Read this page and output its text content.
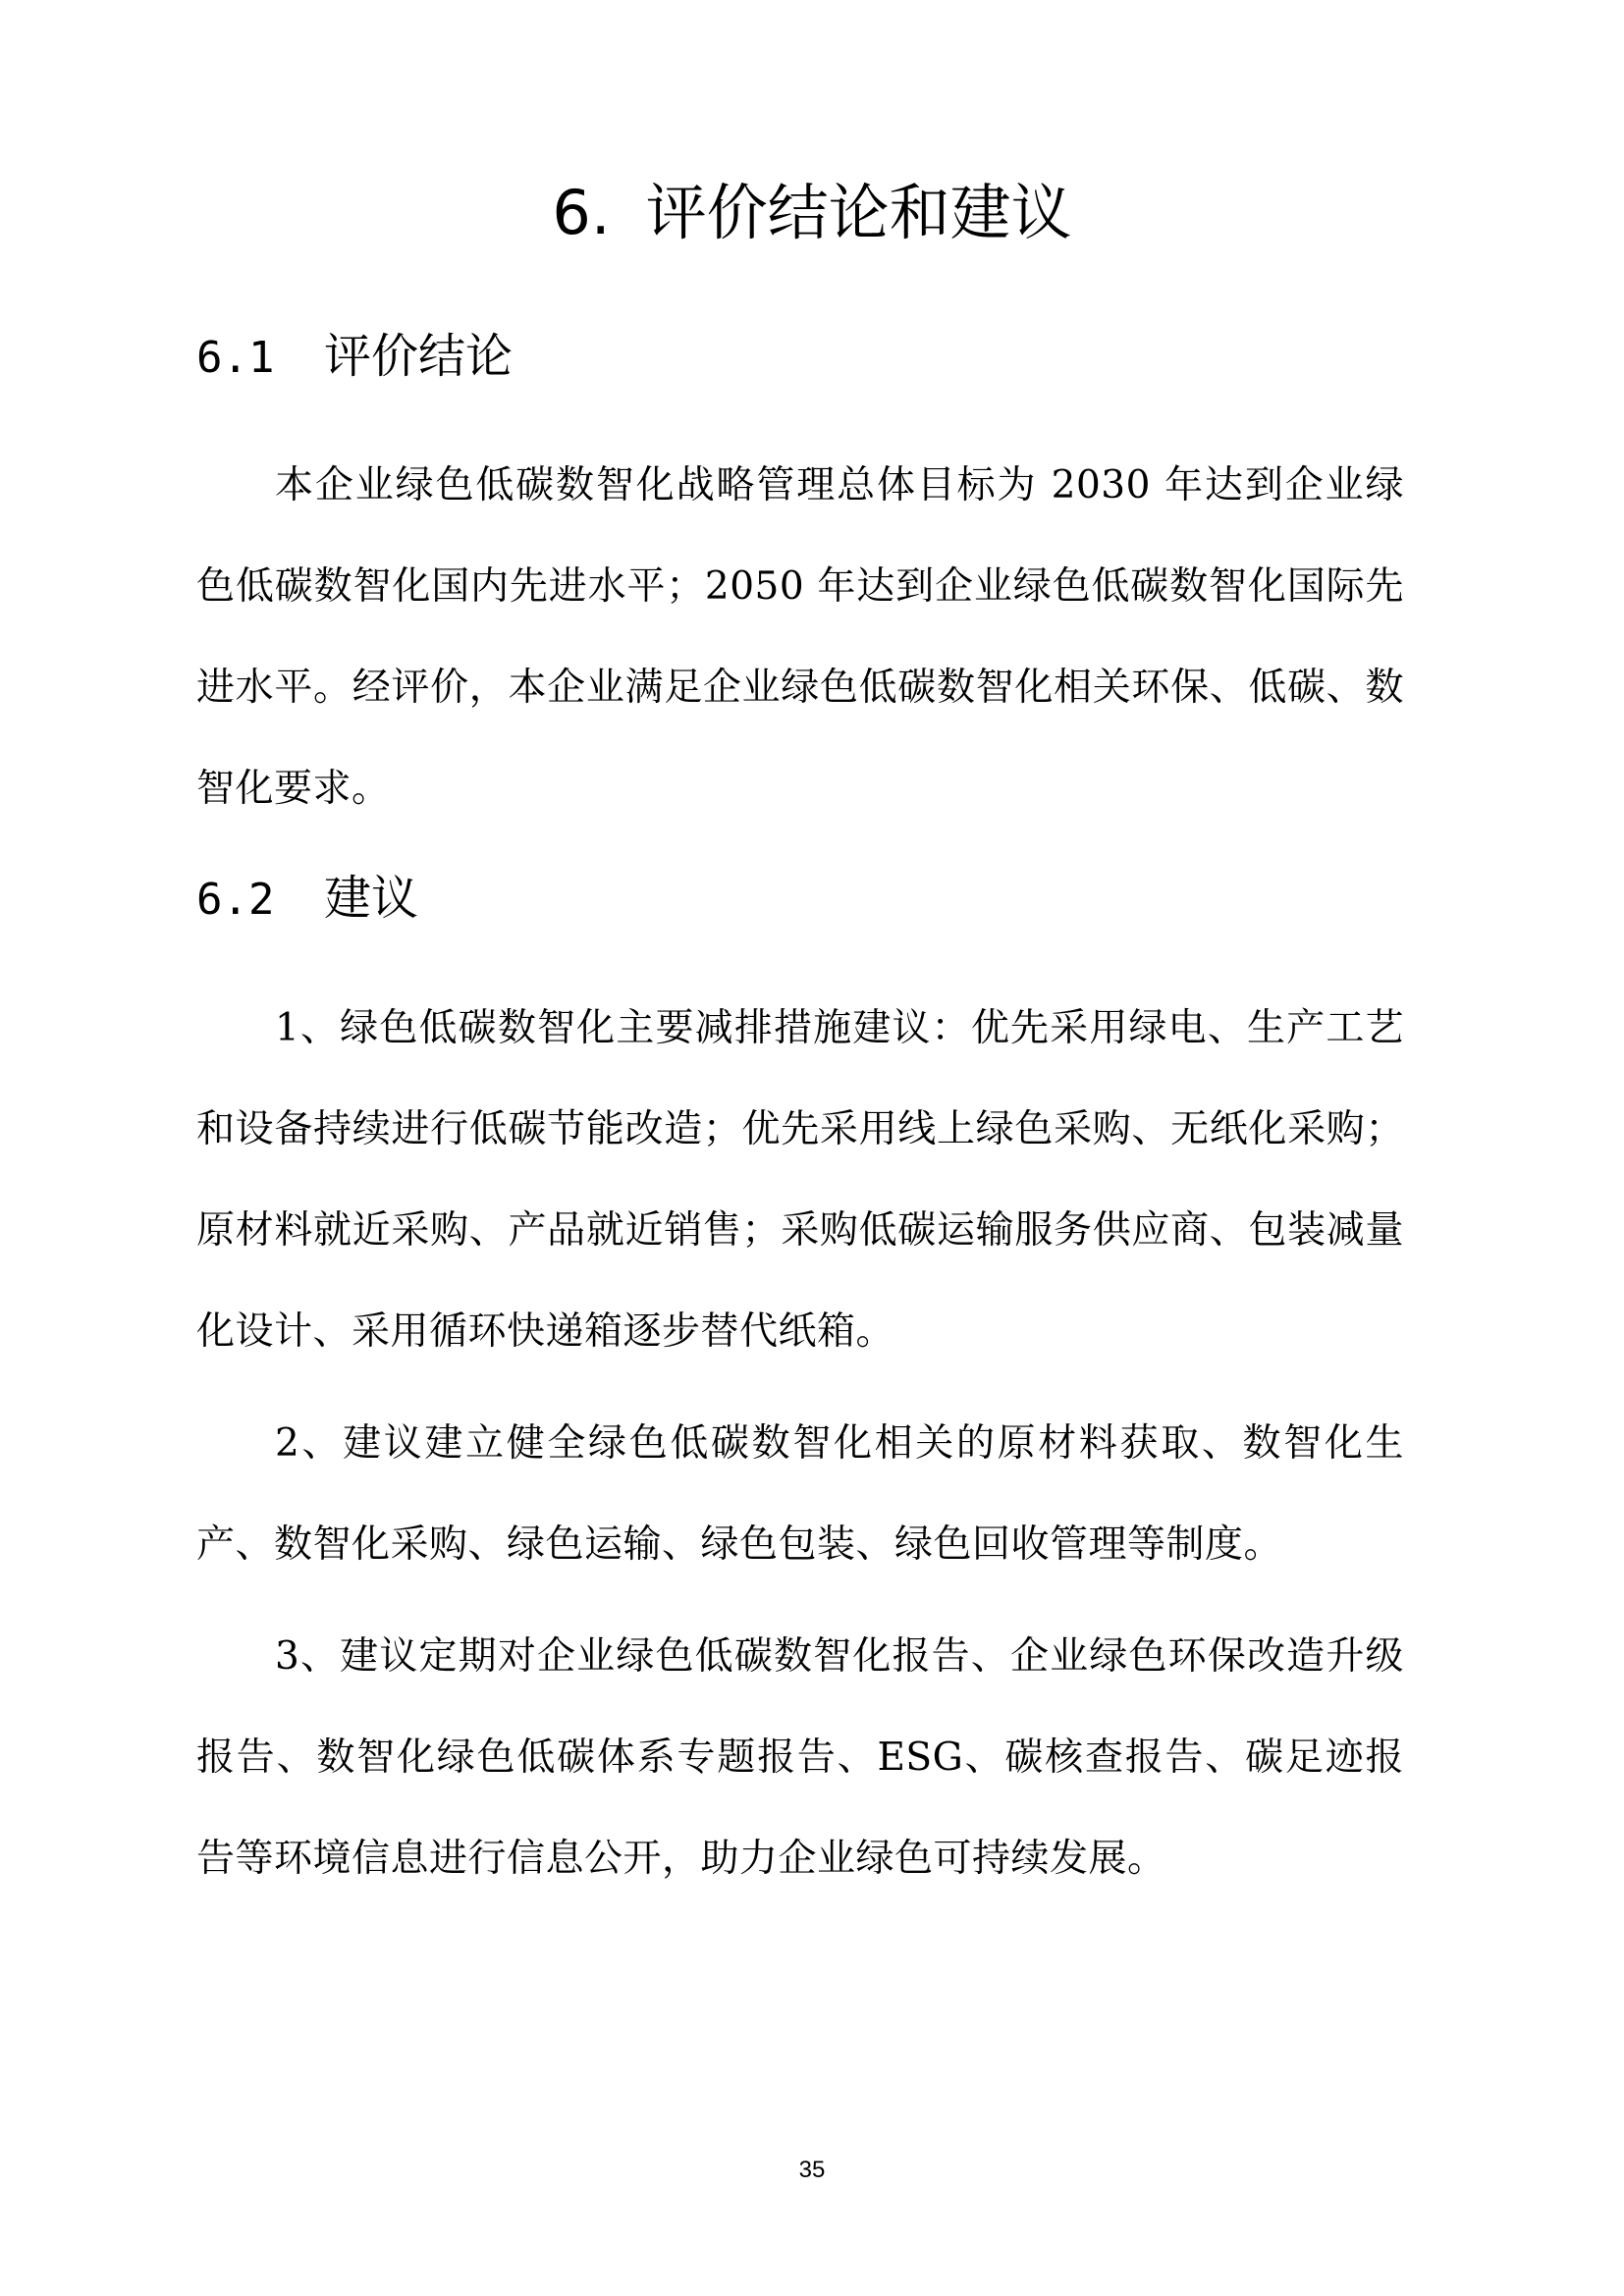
6. 评价结论和建议
6.1 评价结论

本企业绿色低碳数智化战略管理总体目标为 2030 年达到企业绿色低碳数智化国内先进水平；2050 年达到企业绿色低碳数智化国际先进水平。经评价，本企业满足企业绿色低碳数智化相关环保、低碳、数智化要求。

6.2 建议

1、绿色低碳数智化主要减排措施建议：优先采用绿电、生产工艺和设备持续进行低碳节能改造；优先采用线上绿色采购、无纸化采购；原材料就近采购、产品就近销售；采购低碳运输服务供应商、包装减量化设计、采用循环快递箱逐步替代纸箱。

2、建议建立健全绿色低碳数智化相关的原材料获取、数智化生产、数智化采购、绿色运输、绿色包装、绿色回收管理等制度。

3、建议定期对企业绿色低碳数智化报告、企业绿色环保改造升级报告、数智化绿色低碳体系专题报告、ESG、碳核查报告、碳足迹报告等环境信息进行信息公开，助力企业绿色可持续发展。

35
